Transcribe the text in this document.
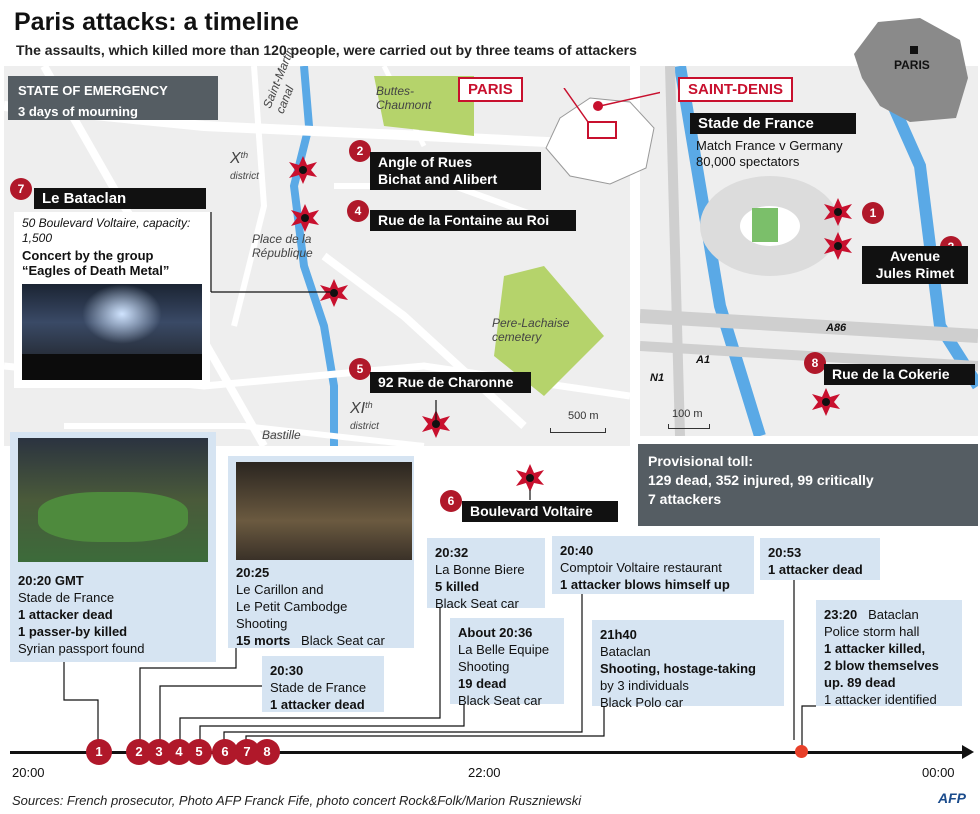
Paris attacks: a timeline
The assaults, which killed more than 120 people, were carried out by three teams of attackers
PARIS
STATE OF EMERGENCY
3 days of mourning
Saint-Martin canal	Buttes-Chaumont
Xth
district
Place de la République
Pere-Lachaise cemetery
XIth
district
Bastille
500 m
A86
A1
N1
100 m
PARIS	SAINT-DENIS
Stade de France
Match France v Germany
80,000 spectators
2
Angle of Rues
Bichat and Alibert
4
Rue de la Fontaine au Roi
5
92 Rue de Charonne
6
Boulevard Voltaire
7
Le Bataclan
1
Avenue
Jules Rimet
8
Rue de la Cokerie
50 Boulevard Voltaire, capacity: 1,500
Concert by the group
“Eagles of Death Metal”
Provisional toll:
129 dead, 352 injured, 99 critically
7 attackers
20:20 GMT
Stade de France
1 attacker dead
1 passer-by killed
Syrian passport found
20:25
Le Carillon and
Le Petit Cambodge
Shooting
15 morts Black Seat car
20:30
Stade de France
1 attacker dead
20:32
La Bonne Biere
5 killed
Black Seat car
About 20:36
La Belle Equipe
Shooting
19 dead
Black Seat car
20:40
Comptoir Voltaire restaurant
1 attacker blows himself up
21h40
Bataclan
Shooting, hostage-taking
by 3 individuals
Black Polo car
20:53
1 attacker dead
23:20 Bataclan
Police storm hall
1 attacker killed,
2 blow themselves
up. 89 dead
1 attacker identified
1	2 3 4 5	6	7 8
20:00	22:00	00:00
Sources: French prosecutor, Photo AFP Franck Fife, photo concert Rock&Folk/Marion Ruszniewski	AFP
